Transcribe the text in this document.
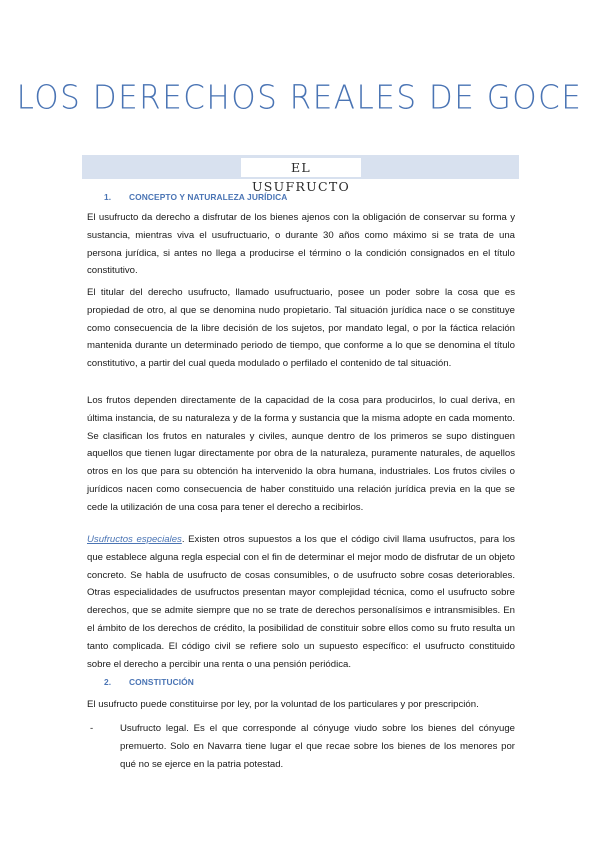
LOS DERECHOS REALES DE GOCE
EL USUFRUCTO
1. CONCEPTO Y NATURALEZA JURÍDICA

El usufructo da derecho a disfrutar de los bienes ajenos con la obligación de conservar su forma y sustancia, mientras viva el usufructuario, o durante 30 años como máximo si se trata de una persona jurídica, si antes no llega a producirse el término o la condición consignados en el título constitutivo.

El titular del derecho usufructo, llamado usufructuario, posee un poder sobre la cosa que es propiedad de otro, al que se denomina nudo propietario. Tal situación jurídica nace o se constituye como consecuencia de la libre decisión de los sujetos, por mandato legal, o por la fáctica relación mantenida durante un determinado periodo de tiempo, que conforme a lo que se denomina el título constitutivo, a partir del cual queda modulado o perfilado el contenido de tal situación.

Los frutos dependen directamente de la capacidad de la cosa para producirlos, lo cual deriva, en última instancia, de su naturaleza y de la forma y sustancia que la misma adopte en cada momento. Se clasifican los frutos en naturales y civiles, aunque dentro de los primeros se supo distinguen aquellos que tienen lugar directamente por obra de la naturaleza, puramente naturales, de aquellos otros en los que para su obtención ha intervenido la obra humana, industriales. Los frutos civiles o jurídicos nacen como consecuencia de haber constituido una relación jurídica previa en la que se cede la utilización de una cosa para tener el derecho a recibirlos.

Usufructos especiales. Existen otros supuestos a los que el código civil llama usufructos, para los que establece alguna regla especial con el fin de determinar el mejor modo de disfrutar de un objeto concreto. Se habla de usufructo de cosas consumibles, o de usufructo sobre cosas deteriorables. Otras especialidades de usufructos presentan mayor complejidad técnica, como el usufructo sobre derechos, que se admite siempre que no se trate de derechos personalísimos e intransmisibles. En el ámbito de los derechos de crédito, la posibilidad de constituir sobre ellos como su fruto resulta un tanto complicada. El código civil se refiere solo un supuesto específico: el usufructo constituido sobre el derecho a percibir una renta o una pensión periódica.

2. CONSTITUCIÓN

El usufructo puede constituirse por ley, por la voluntad de los particulares y por prescripción.

-	Usufructo legal. Es el que corresponde al cónyuge viudo sobre los bienes del cónyuge premuerto. Solo en Navarra tiene lugar el que recae sobre los bienes de los menores por qué no se ejerce en la patria potestad.
